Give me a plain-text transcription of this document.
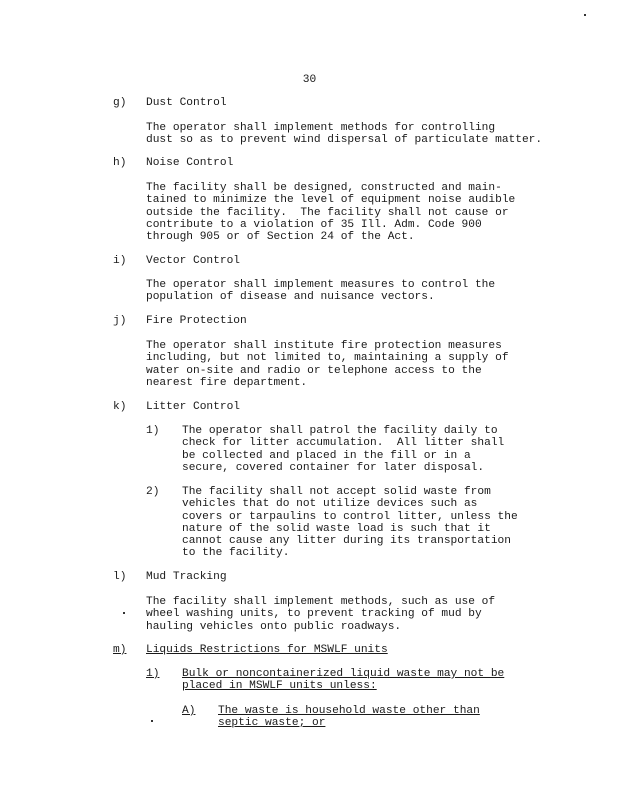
30
g) Dust Control
The operator shall implement methods for controlling
dust so as to prevent wind dispersal of particulate matter.
h) Noise Control
The facility shall be designed, constructed and main-
tained to minimize the level of equipment noise audible
outside the facility.  The facility shall not cause or
contribute to a violation of 35 Ill. Adm. Code 900
through 905 or of Section 24 of the Act.
i) Vector Control
The operator shall implement measures to control the
population of disease and nuisance vectors.
j) Fire Protection
The operator shall institute fire protection measures
including, but not limited to, maintaining a supply of
water on-site and radio or telephone access to the
nearest fire department.
k) Litter Control
1) The operator shall patrol the facility daily to
check for litter accumulation.  All litter shall
be collected and placed in the fill or in a
secure, covered container for later disposal.
2) The facility shall not accept solid waste from
vehicles that do not utilize devices such as
covers or tarpaulins to control litter, unless the
nature of the solid waste load is such that it
cannot cause any litter during its transportation
to the facility.
l) Mud Tracking
The facility shall implement methods, such as use of
wheel washing units, to prevent tracking of mud by
hauling vehicles onto public roadways.
m) Liquids Restrictions for MSWLF units
1) Bulk or noncontainerized liquid waste may not be
placed in MSWLF units unless:
A) The waste is household waste other than
septic waste; or
